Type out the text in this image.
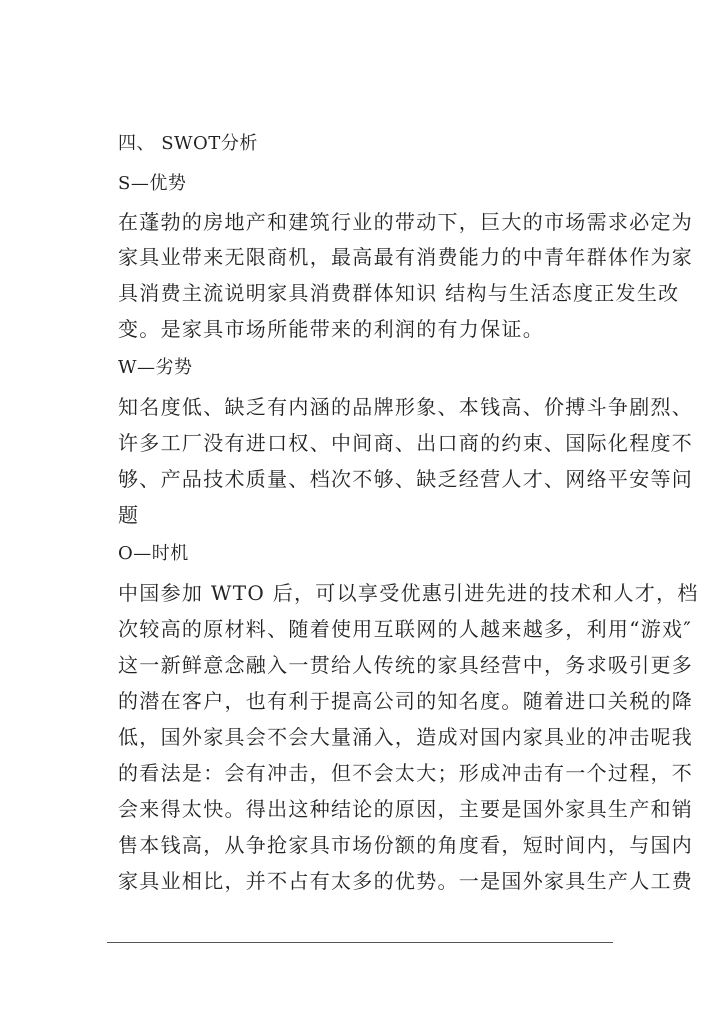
四、 SWOT分析
S—优势
在蓬勃的房地产和建筑行业的带动下，巨大的市场需求必定为
家具业带来无限商机，最高最有消费能力的中青年群体作为家
具消费主流说明家具消费群体知识 结构与生活态度正发生改
变。是家具市场所能带来的利润的有力保证。
W—劣势
知名度低、缺乏有内涵的品牌形象、本钱高、价搏斗争剧烈、
许多工厂没有进口权、中间商、出口商的约束、国际化程度不
够、产品技术质量、档次不够、缺乏经营人才、网络平安等问
题
O—时机
中国参加 WTO 后，可以享受优惠引进先进的技术和人才，档
次较高的原材料、随着使用互联网的人越来越多，利用“游戏″
这一新鲜意念融入一贯给人传统的家具经营中，务求吸引更多
的潜在客户，也有利于提高公司的知名度。随着进口关税的降
低，国外家具会不会大量涌入，造成对国内家具业的冲击呢我
的看法是：会有冲击，但不会太大；形成冲击有一个过程，不
会来得太快。得出这种结论的原因，主要是国外家具生产和销
售本钱高，从争抢家具市场份额的角度看，短时间内，与国内
家具业相比，并不占有太多的优势。一是国外家具生产人工费
